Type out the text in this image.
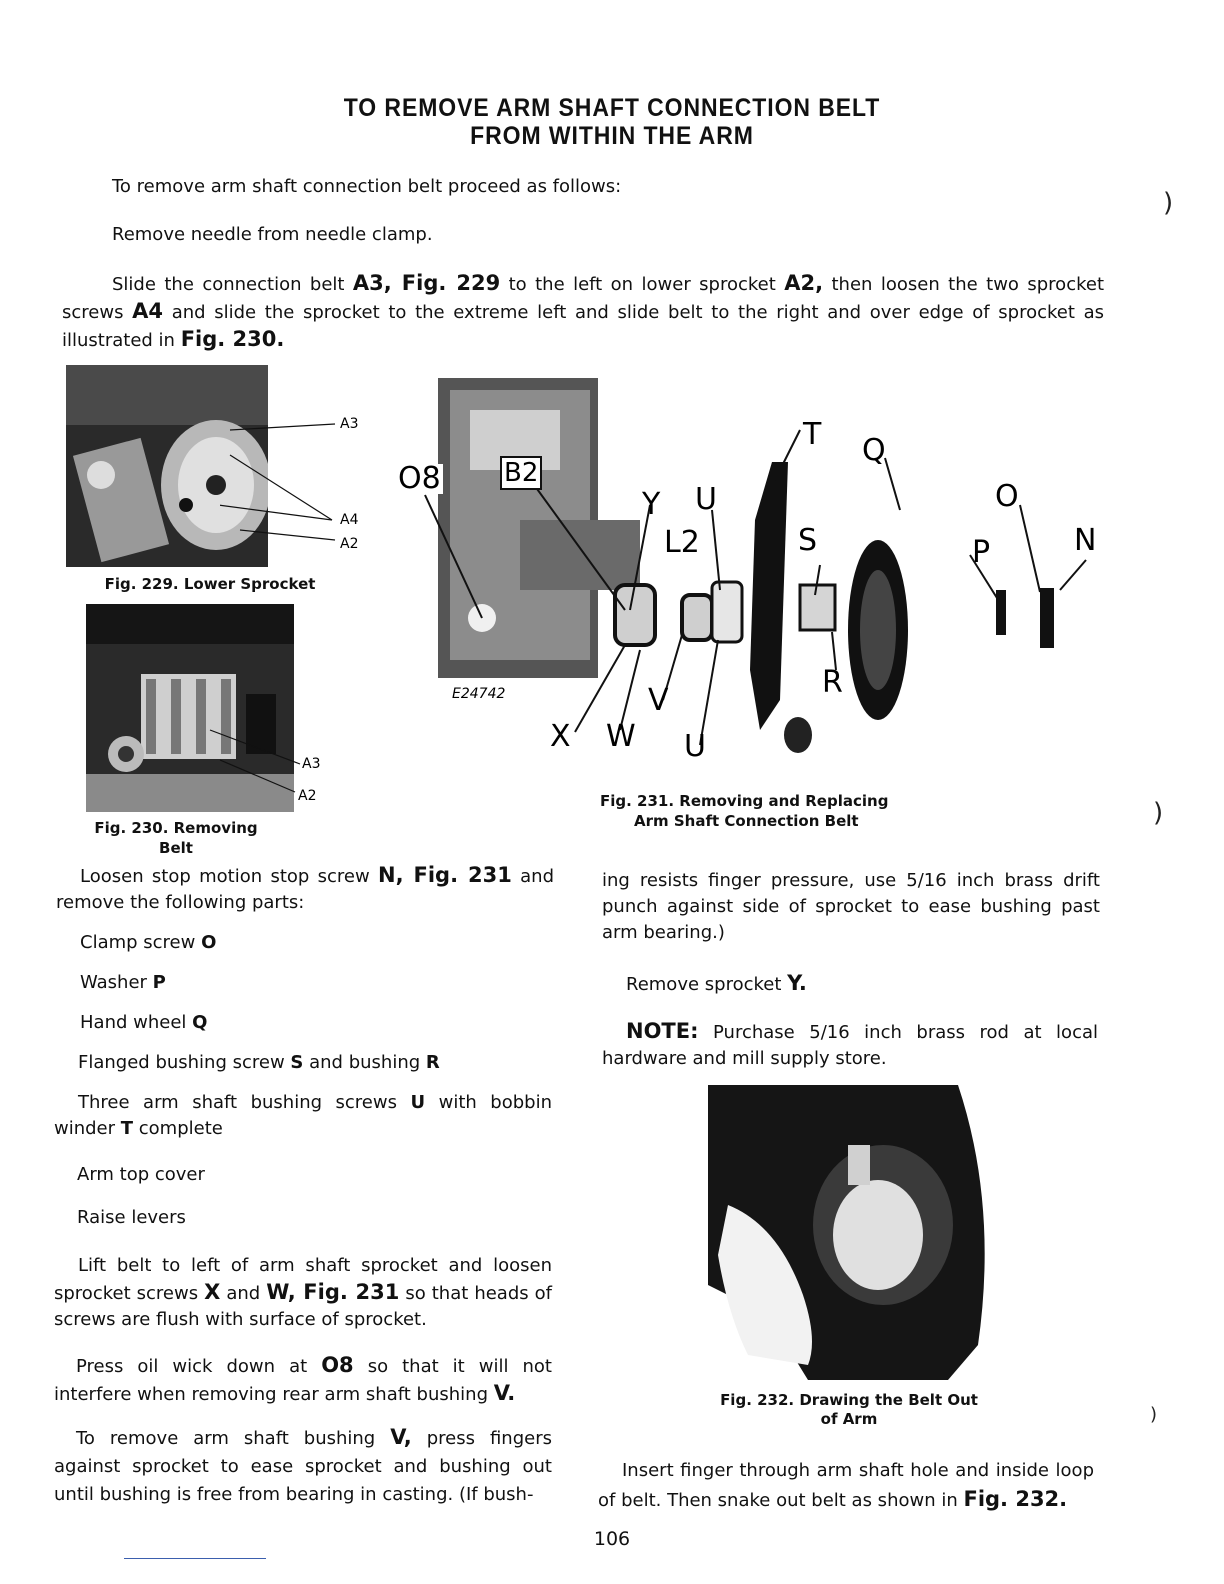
TO REMOVE ARM SHAFT CONNECTION BELT
FROM WITHIN THE ARM
To remove arm shaft connection belt proceed as follows:
Remove needle from needle clamp.
Slide the connection belt A3, Fig. 229 to the left on lower sprocket A2, then loosen the two sprocket screws A4 and slide the sprocket to the extreme left and slide belt to the right and over edge of sprocket as illustrated in Fig. 230.
A3
A4
A2
Fig. 229. Lower Sprocket
A3
A2
Fig. 230. Removing Belt
O8 B2
T Q
O
Y U
L2	S	P	N
R
V
X W U
E24742
Fig. 231. Removing and Replacing
Arm Shaft Connection Belt
Loosen stop motion stop screw N, Fig. 231 and remove the following parts:
Clamp screw O
Washer P
Hand wheel Q
Flanged bushing screw S and bushing R
Three arm shaft bushing screws U with bobbin winder T complete
Arm top cover
Raise levers
Lift belt to left of arm shaft sprocket and loosen sprocket screws X and W, Fig. 231 so that heads of screws are flush with surface of sprocket.
Press oil wick down at O8 so that it will not interfere when removing rear arm shaft bushing V.
To remove arm shaft bushing V, press fingers against sprocket to ease sprocket and bushing out until bushing is free from bearing in casting. (If bush-
ing resists finger pressure, use 5/16 inch brass drift punch against side of sprocket to ease bushing past arm bearing.)
Remove sprocket Y.
NOTE: Purchase 5/16 inch brass rod at local hardware and mill supply store.
Fig. 232. Drawing the Belt Out
of Arm
Insert finger through arm shaft hole and inside loop of belt. Then snake out belt as shown in Fig. 232.
106
)
)
)
